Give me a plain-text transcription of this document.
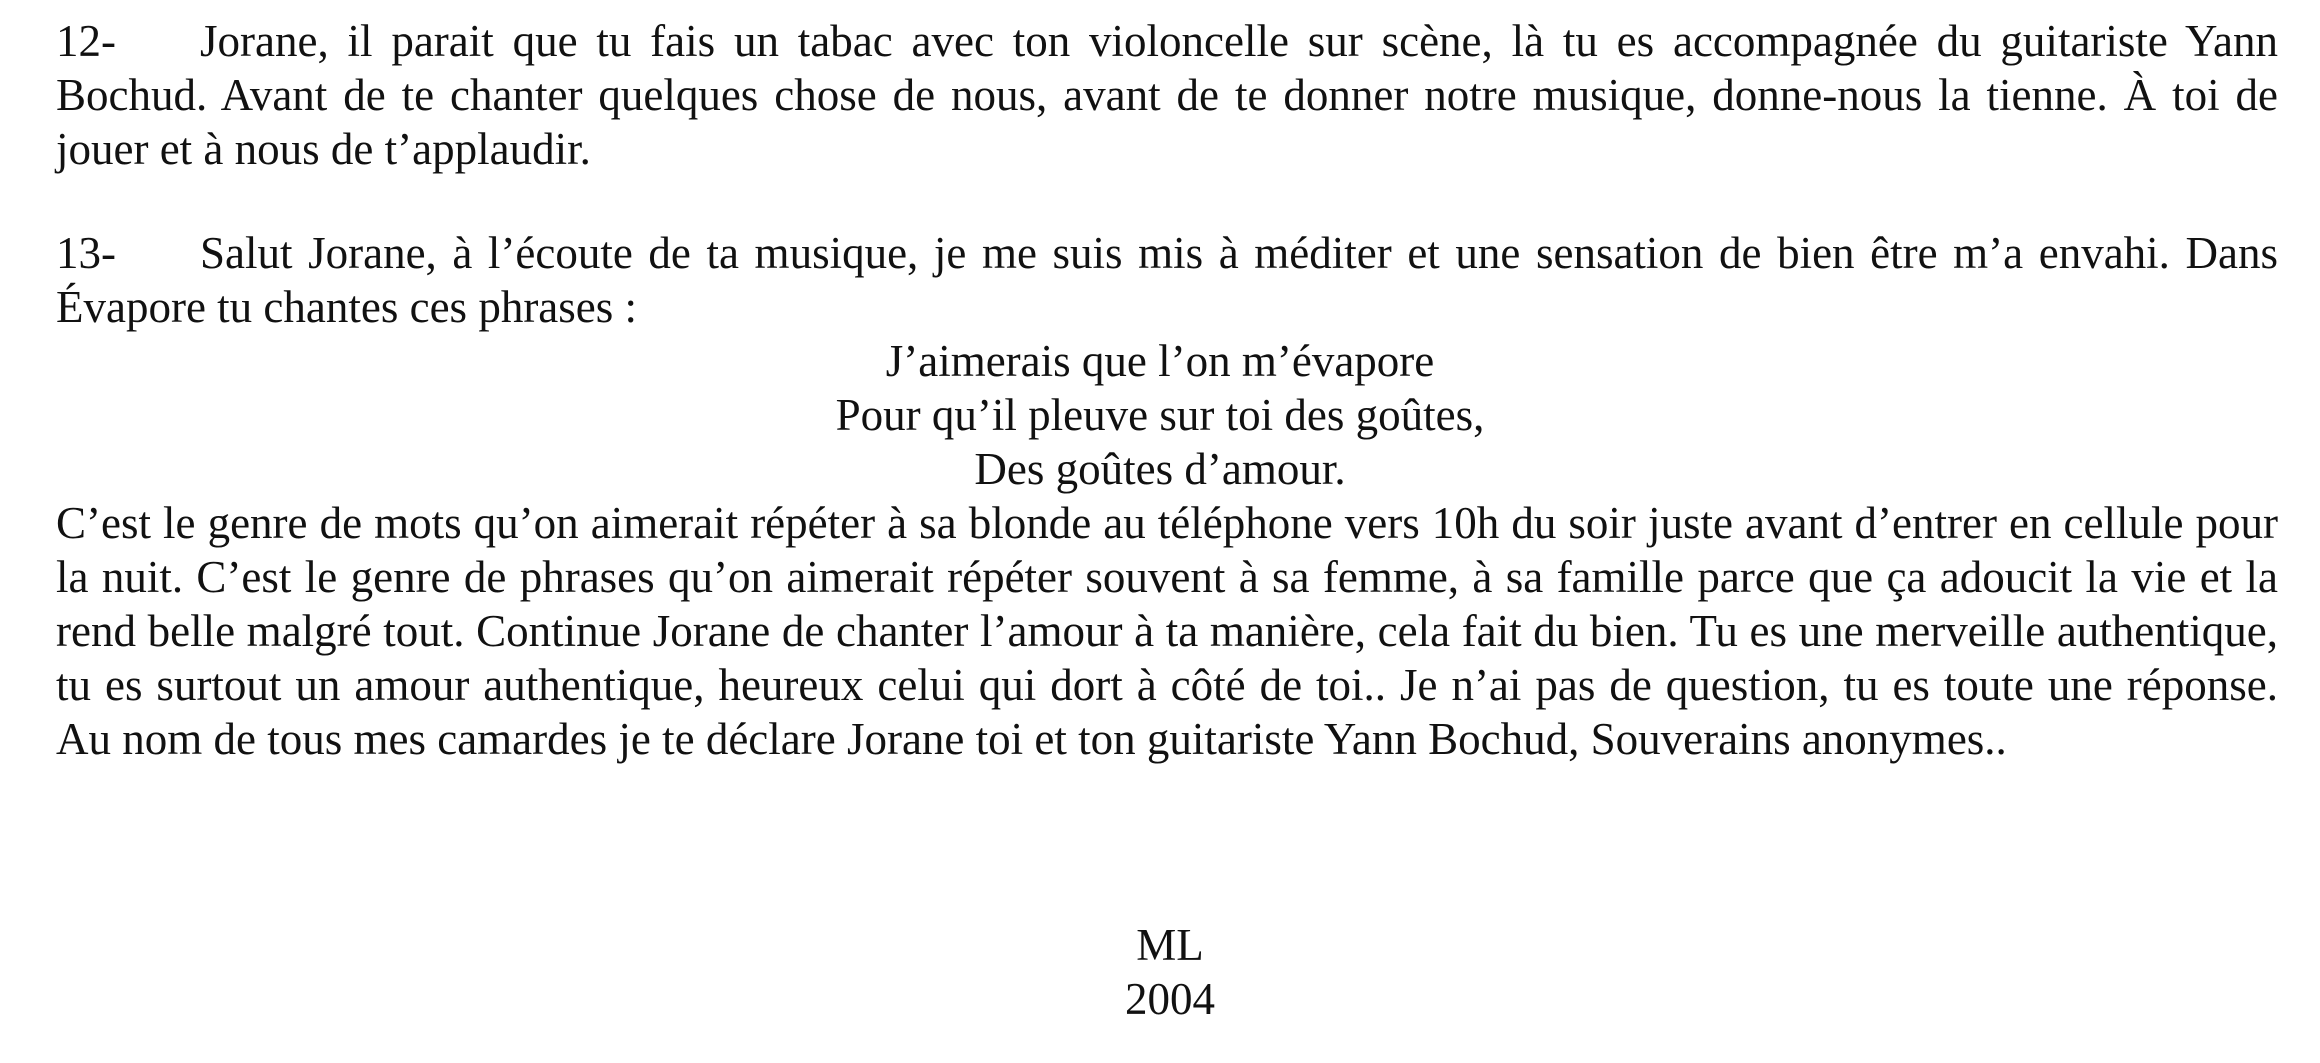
12- Jorane, il parait que tu fais un tabac avec ton violoncelle sur scène, là tu es accompagnée du guitariste Yann Bochud. Avant de te chanter quelques chose de nous, avant de te donner notre musique, donne-nous la tienne. À toi de jouer et à nous de t’applaudir.

13- Salut Jorane, à l’écoute de ta musique, je me suis mis à méditer et une sensation de bien être m’a envahi. Dans Évapore tu chantes ces phrases :

J’aimerais que l’on m’évapore
Pour qu’il pleuve sur toi des goûtes,
Des goûtes d’amour.

C’est le genre de mots qu’on aimerait répéter à sa blonde au téléphone vers 10h du soir juste avant d’entrer en cellule pour la nuit. C’est le genre de phrases qu’on aimerait répéter souvent à sa femme, à sa famille parce que ça adoucit la vie et la rend belle malgré tout. Continue Jorane de chanter l’amour à ta manière, cela fait du bien. Tu es une merveille authentique, tu es surtout un amour authentique, heureux celui qui dort à côté de toi.. Je n’ai pas de question, tu es toute une réponse. Au nom de tous mes camardes je te déclare Jorane toi et ton guitariste Yann Bochud, Souverains anonymes..

ML
2004
